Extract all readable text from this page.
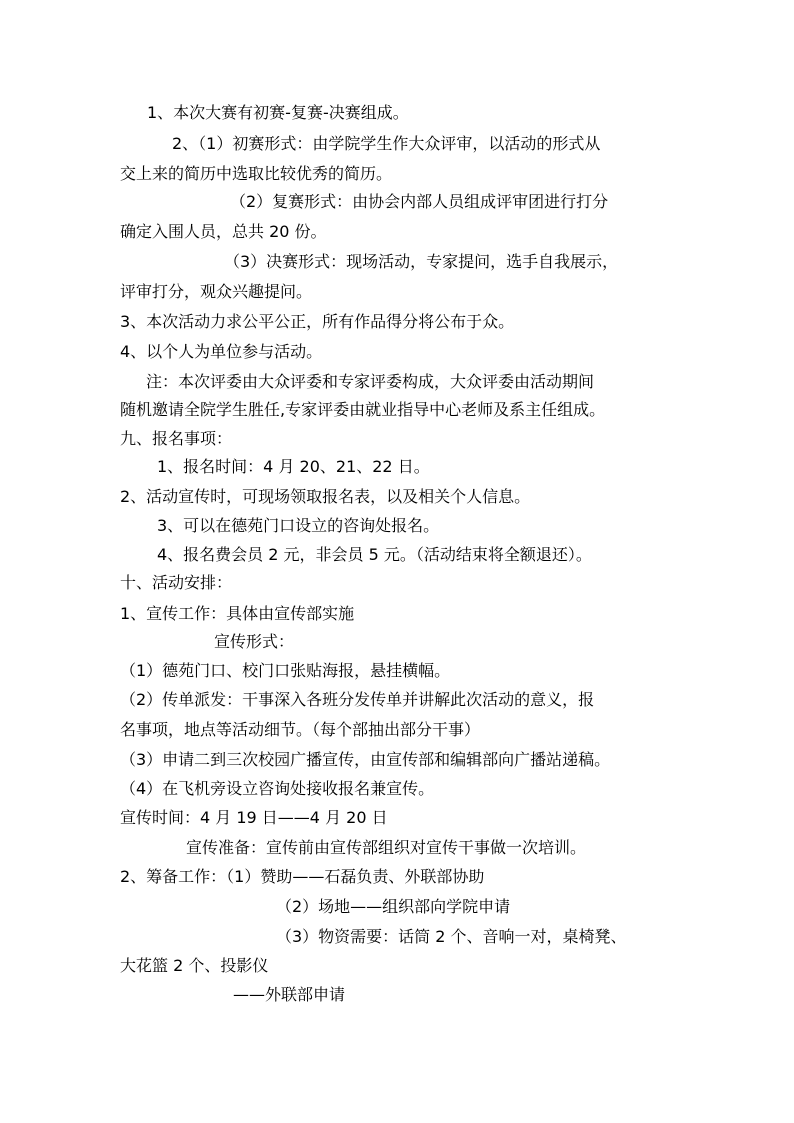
1、本次大赛有初赛-复赛-决赛组成。
2、（1）初赛形式：由学院学生作大众评审，以活动的形式从
交上来的简历中选取比较优秀的简历。
（2）复赛形式：由协会内部人员组成评审团进行打分
确定入围人员，总共 20 份。
（3）决赛形式：现场活动，专家提问，选手自我展示，
评审打分，观众兴趣提问。
3、本次活动力求公平公正，所有作品得分将公布于众。
4、以个人为单位参与活动。
注：本次评委由大众评委和专家评委构成，大众评委由活动期间
随机邀请全院学生胜任,专家评委由就业指导中心老师及系主任组成。
九、报名事项：
1、报名时间：4 月 20、21、22 日。
2、活动宣传时，可现场领取报名表，以及相关个人信息。
3、可以在德苑门口设立的咨询处报名。
4、报名费会员 2 元，非会员 5 元。（活动结束将全额退还）。
十、活动安排：
1、宣传工作：具体由宣传部实施
宣传形式：
（1）德苑门口、校门口张贴海报，悬挂横幅。
（2）传单派发：干事深入各班分发传单并讲解此次活动的意义，报
名事项，地点等活动细节。（每个部抽出部分干事）
（3）申请二到三次校园广播宣传，由宣传部和编辑部向广播站递稿。
（4）在飞机旁设立咨询处接收报名兼宣传。
宣传时间：4 月 19 日——4 月 20 日
宣传准备：宣传前由宣传部组织对宣传干事做一次培训。
2、筹备工作：（1）赞助——石磊负责、外联部协助
（2）场地——组织部向学院申请
（3）物资需要：话筒 2 个、音响一对，桌椅凳、
大花篮 2 个、投影仪
——外联部申请
